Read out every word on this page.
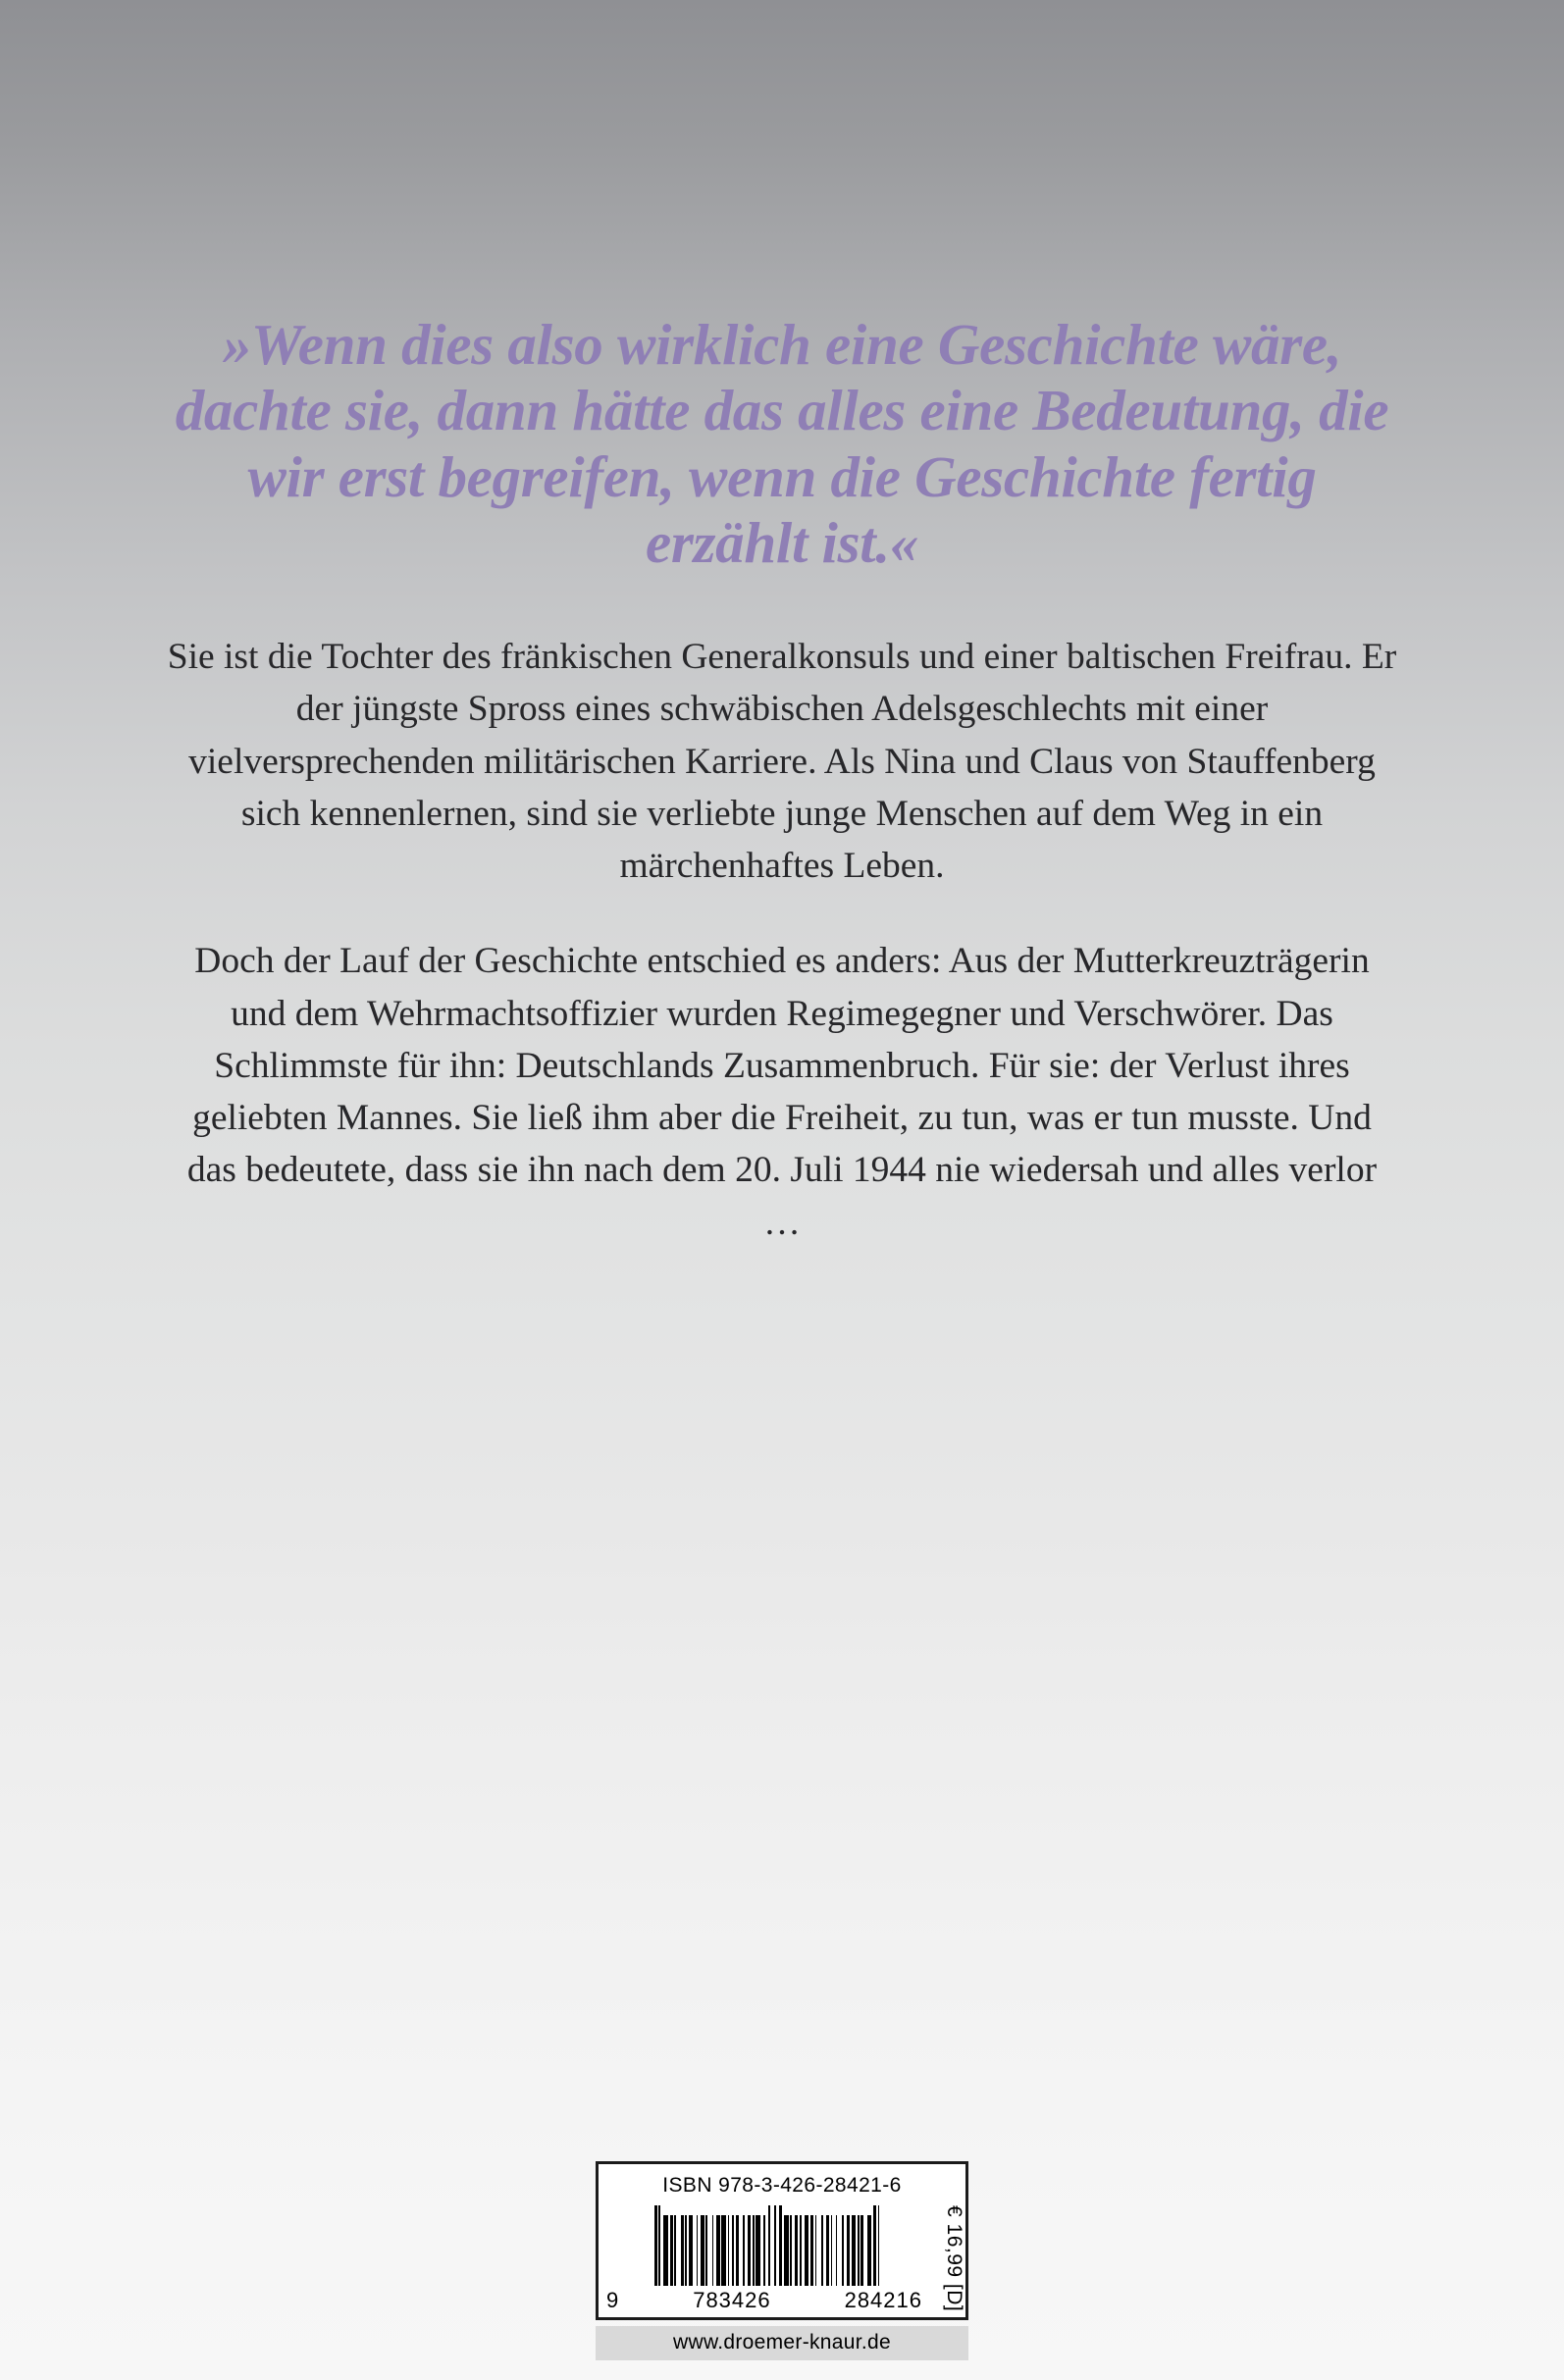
»Wenn dies also wirklich eine Geschichte wäre, dachte sie, dann hätte das alles eine Bedeutung, die wir erst begreifen, wenn die Geschichte fertig erzählt ist.«
Sie ist die Tochter des fränkischen Generalkonsuls und einer baltischen Freifrau. Er der jüngste Spross eines schwäbischen Adelsgeschlechts mit einer vielversprechenden militärischen Karriere. Als Nina und Claus von Stauffenberg sich kennenlernen, sind sie verliebte junge Menschen auf dem Weg in ein märchenhaftes Leben.
Doch der Lauf der Geschichte entschied es anders: Aus der Mutterkreuzträgerin und dem Wehrmachtsoffizier wurden Regimegegner und Verschwörer. Das Schlimmste für ihn: Deutschlands Zusammenbruch. Für sie: der Verlust ihres geliebten Mannes. Sie ließ ihm aber die Freiheit, zu tun, was er tun musste. Und das bedeutete, dass sie ihn nach dem 20. Juli 1944 nie wiedersah und alles verlor …
ISBN 978-3-426-28421-6
9	783426	284216 € 16,99 [D]
www.droemer-knaur.de
